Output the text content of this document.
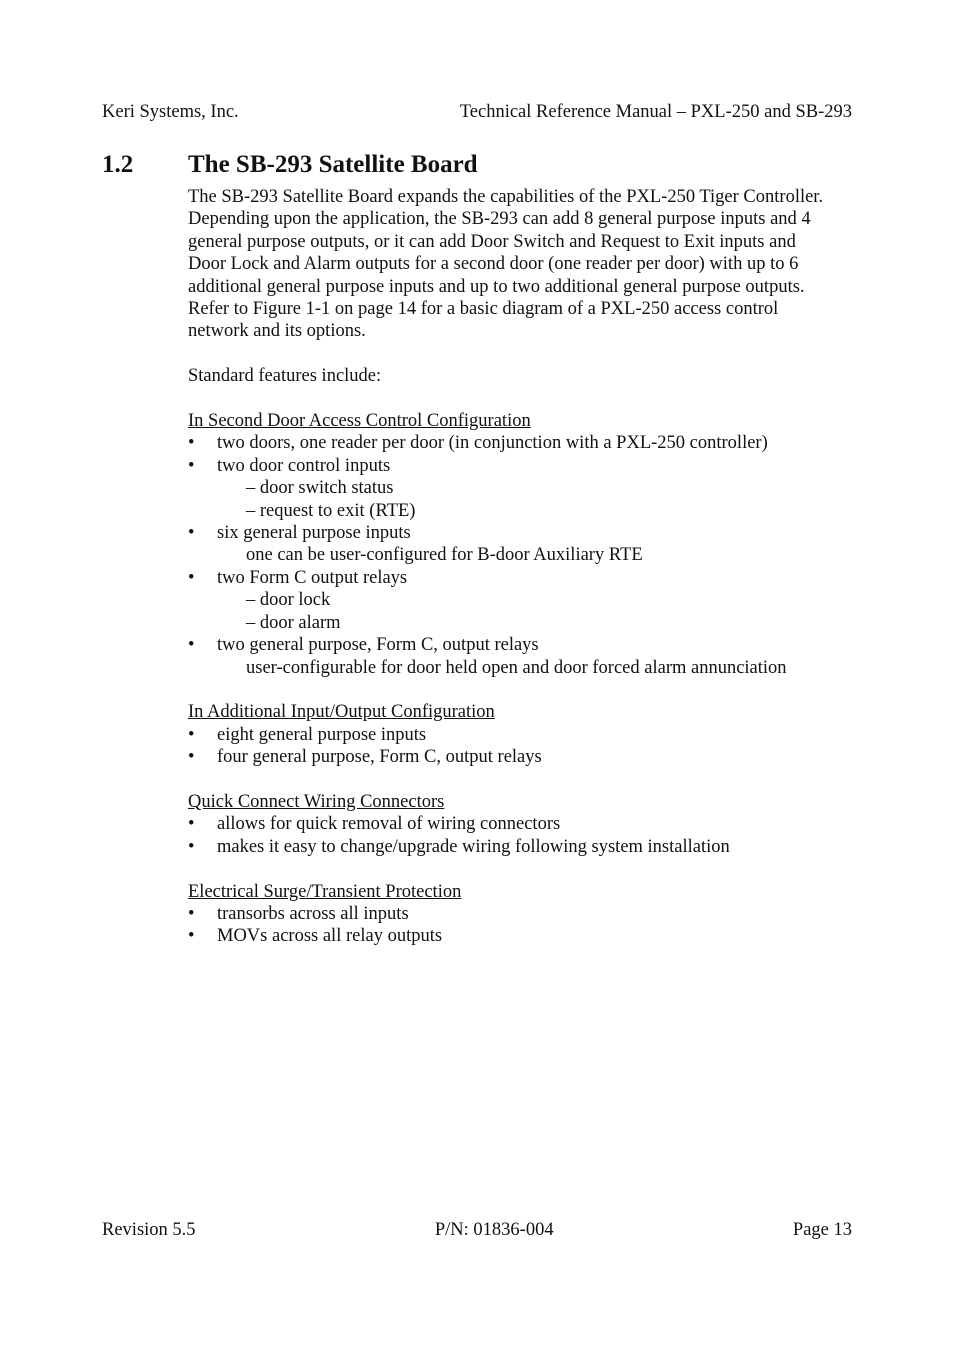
Keri Systems, Inc.	Technical Reference Manual – PXL-250 and SB-293
1.2 The SB-293 Satellite Board

The SB-293 Satellite Board expands the capabilities of the PXL-250 Tiger Controller.

Depending upon the application, the SB-293 can add 8 general purpose inputs and 4

general purpose outputs, or it can add Door Switch and Request to Exit inputs and

Door Lock and Alarm outputs for a second door (one reader per door) with up to 6

additional general purpose inputs and up to two additional general purpose outputs.

Refer to Figure 1-1 on page 14 for a basic diagram of a PXL-250 access control

network and its options.

Standard features include:

In Second Door Access Control Configuration

•	two doors, one reader per door (in conjunction with a PXL-250 controller)
•	two door control inputs

– door switch status

– request to exit (RTE)

•	six general purpose inputs

one can be user-configured for B-door Auxiliary RTE

•	two Form C output relays

– door lock

– door alarm

•	two general purpose, Form C, output relays

user-configurable for door held open and door forced alarm annunciation

In Additional Input/Output Configuration

•	eight general purpose inputs
•	four general purpose, Form C, output relays

Quick Connect Wiring Connectors

•	allows for quick removal of wiring connectors
•	makes it easy to change/upgrade wiring following system installation

Electrical Surge/Transient Protection

•	transorbs across all inputs
•	MOVs across all relay outputs
Revision 5.5	P/N: 01836-004	Page 13
